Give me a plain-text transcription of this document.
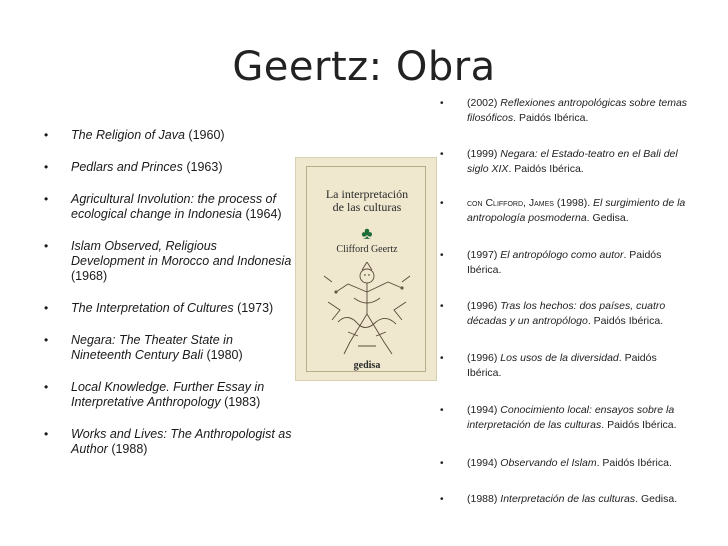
Geertz: Obra
• The Religion of Java (1960)
• Pedlars and Princes (1963)
• Agricultural Involution: the process of ecological change in Indonesia (1964)
• Islam Observed, Religious Development in Morocco and Indonesia (1968)
• The Interpretation of Cultures (1973)
• Negara: The Theater State in Nineteenth Century Bali (1980)
• Local Knowledge. Further Essay in Interpretative Anthropology (1983)
• Works and Lives: The Anthropologist as Author (1988)
La interpretación
de las culturas
♣
Clifford Geertz
gedisa
• (2002) Reflexiones antropológicas sobre temas filosóficos. Paidós Ibérica.
• (1999) Negara: el Estado-teatro en el Bali del siglo XIX. Paidós Ibérica.
• con Clifford, James (1998). El surgimiento de la antropología posmoderna. Gedisa.
• (1997) El antropólogo como autor. Paidós Ibérica.
• (1996) Tras los hechos: dos países, cuatro décadas y un antropólogo. Paidós Ibérica.
• (1996) Los usos de la diversidad. Paidós Ibérica.
• (1994) Conocimiento local: ensayos sobre la interpretación de las culturas. Paidós Ibérica.
• (1994) Observando el Islam. Paidós Ibérica.
• (1988) Interpretación de las culturas. Gedisa.
